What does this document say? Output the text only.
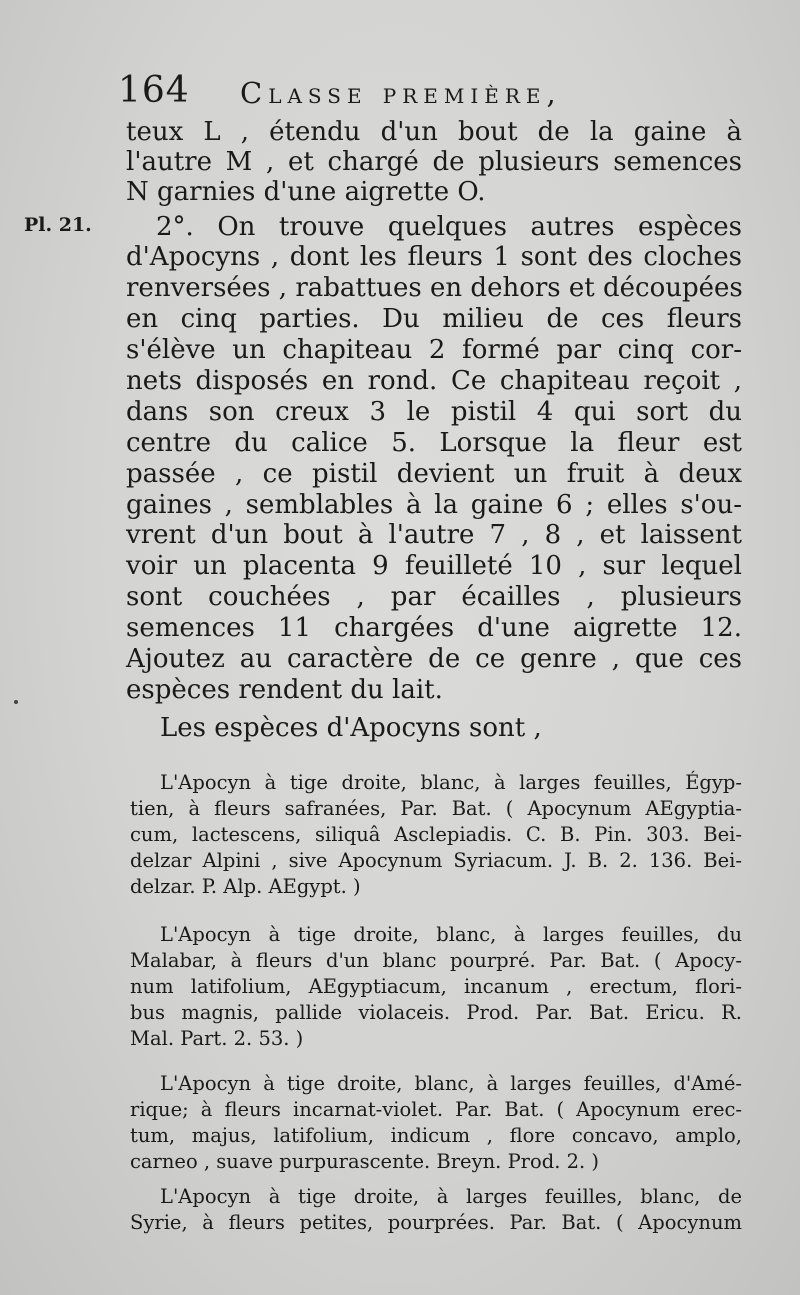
164 Classe première,
Pl. 21.
teux L , étendu d'un bout de la gaine à
l'autre M , et chargé de plusieurs semences
N garnies d'une aigrette O.
2°. On trouve quelques autres espèces
d'Apocyns , dont les fleurs 1 sont des cloches
renversées , rabattues en dehors et découpées
en cinq parties. Du milieu de ces fleurs
s'élève un chapiteau 2 formé par cinq cor-
nets disposés en rond. Ce chapiteau reçoit ,
dans son creux 3 le pistil 4 qui sort du
centre du calice 5. Lorsque la fleur est
passée , ce pistil devient un fruit à deux
gaines , semblables à la gaine 6 ; elles s'ou-
vrent d'un bout à l'autre 7 , 8 , et laissent
voir un placenta 9 feuilleté 10 , sur lequel
sont couchées , par écailles , plusieurs
semences 11 chargées d'une aigrette 12.
Ajoutez au caractère de ce genre , que ces
espèces rendent du lait.
Les espèces d'Apocyns sont ,
L'Apocyn à tige droite, blanc, à larges feuilles, Égyp-
tien, à fleurs safranées, Par. Bat. ( Apocynum AEgyptia-
cum, lactescens, siliquâ Asclepiadis. C. B. Pin. 303. Bei-
delzar Alpini , sive Apocynum Syriacum. J. B. 2. 136. Bei-
delzar. P. Alp. AEgypt. )
L'Apocyn à tige droite, blanc, à larges feuilles, du
Malabar, à fleurs d'un blanc pourpré. Par. Bat. ( Apocy-
num latifolium, AEgyptiacum, incanum , erectum, flori-
bus magnis, pallide violaceis. Prod. Par. Bat. Ericu. R.
Mal. Part. 2. 53. )
L'Apocyn à tige droite, blanc, à larges feuilles, d'Amé-
rique; à fleurs incarnat-violet. Par. Bat. ( Apocynum erec-
tum, majus, latifolium, indicum , flore concavo, amplo,
carneo , suave purpurascente. Breyn. Prod. 2. )
L'Apocyn à tige droite, à larges feuilles, blanc, de
Syrie, à fleurs petites, pourprées. Par. Bat. ( Apocynum
